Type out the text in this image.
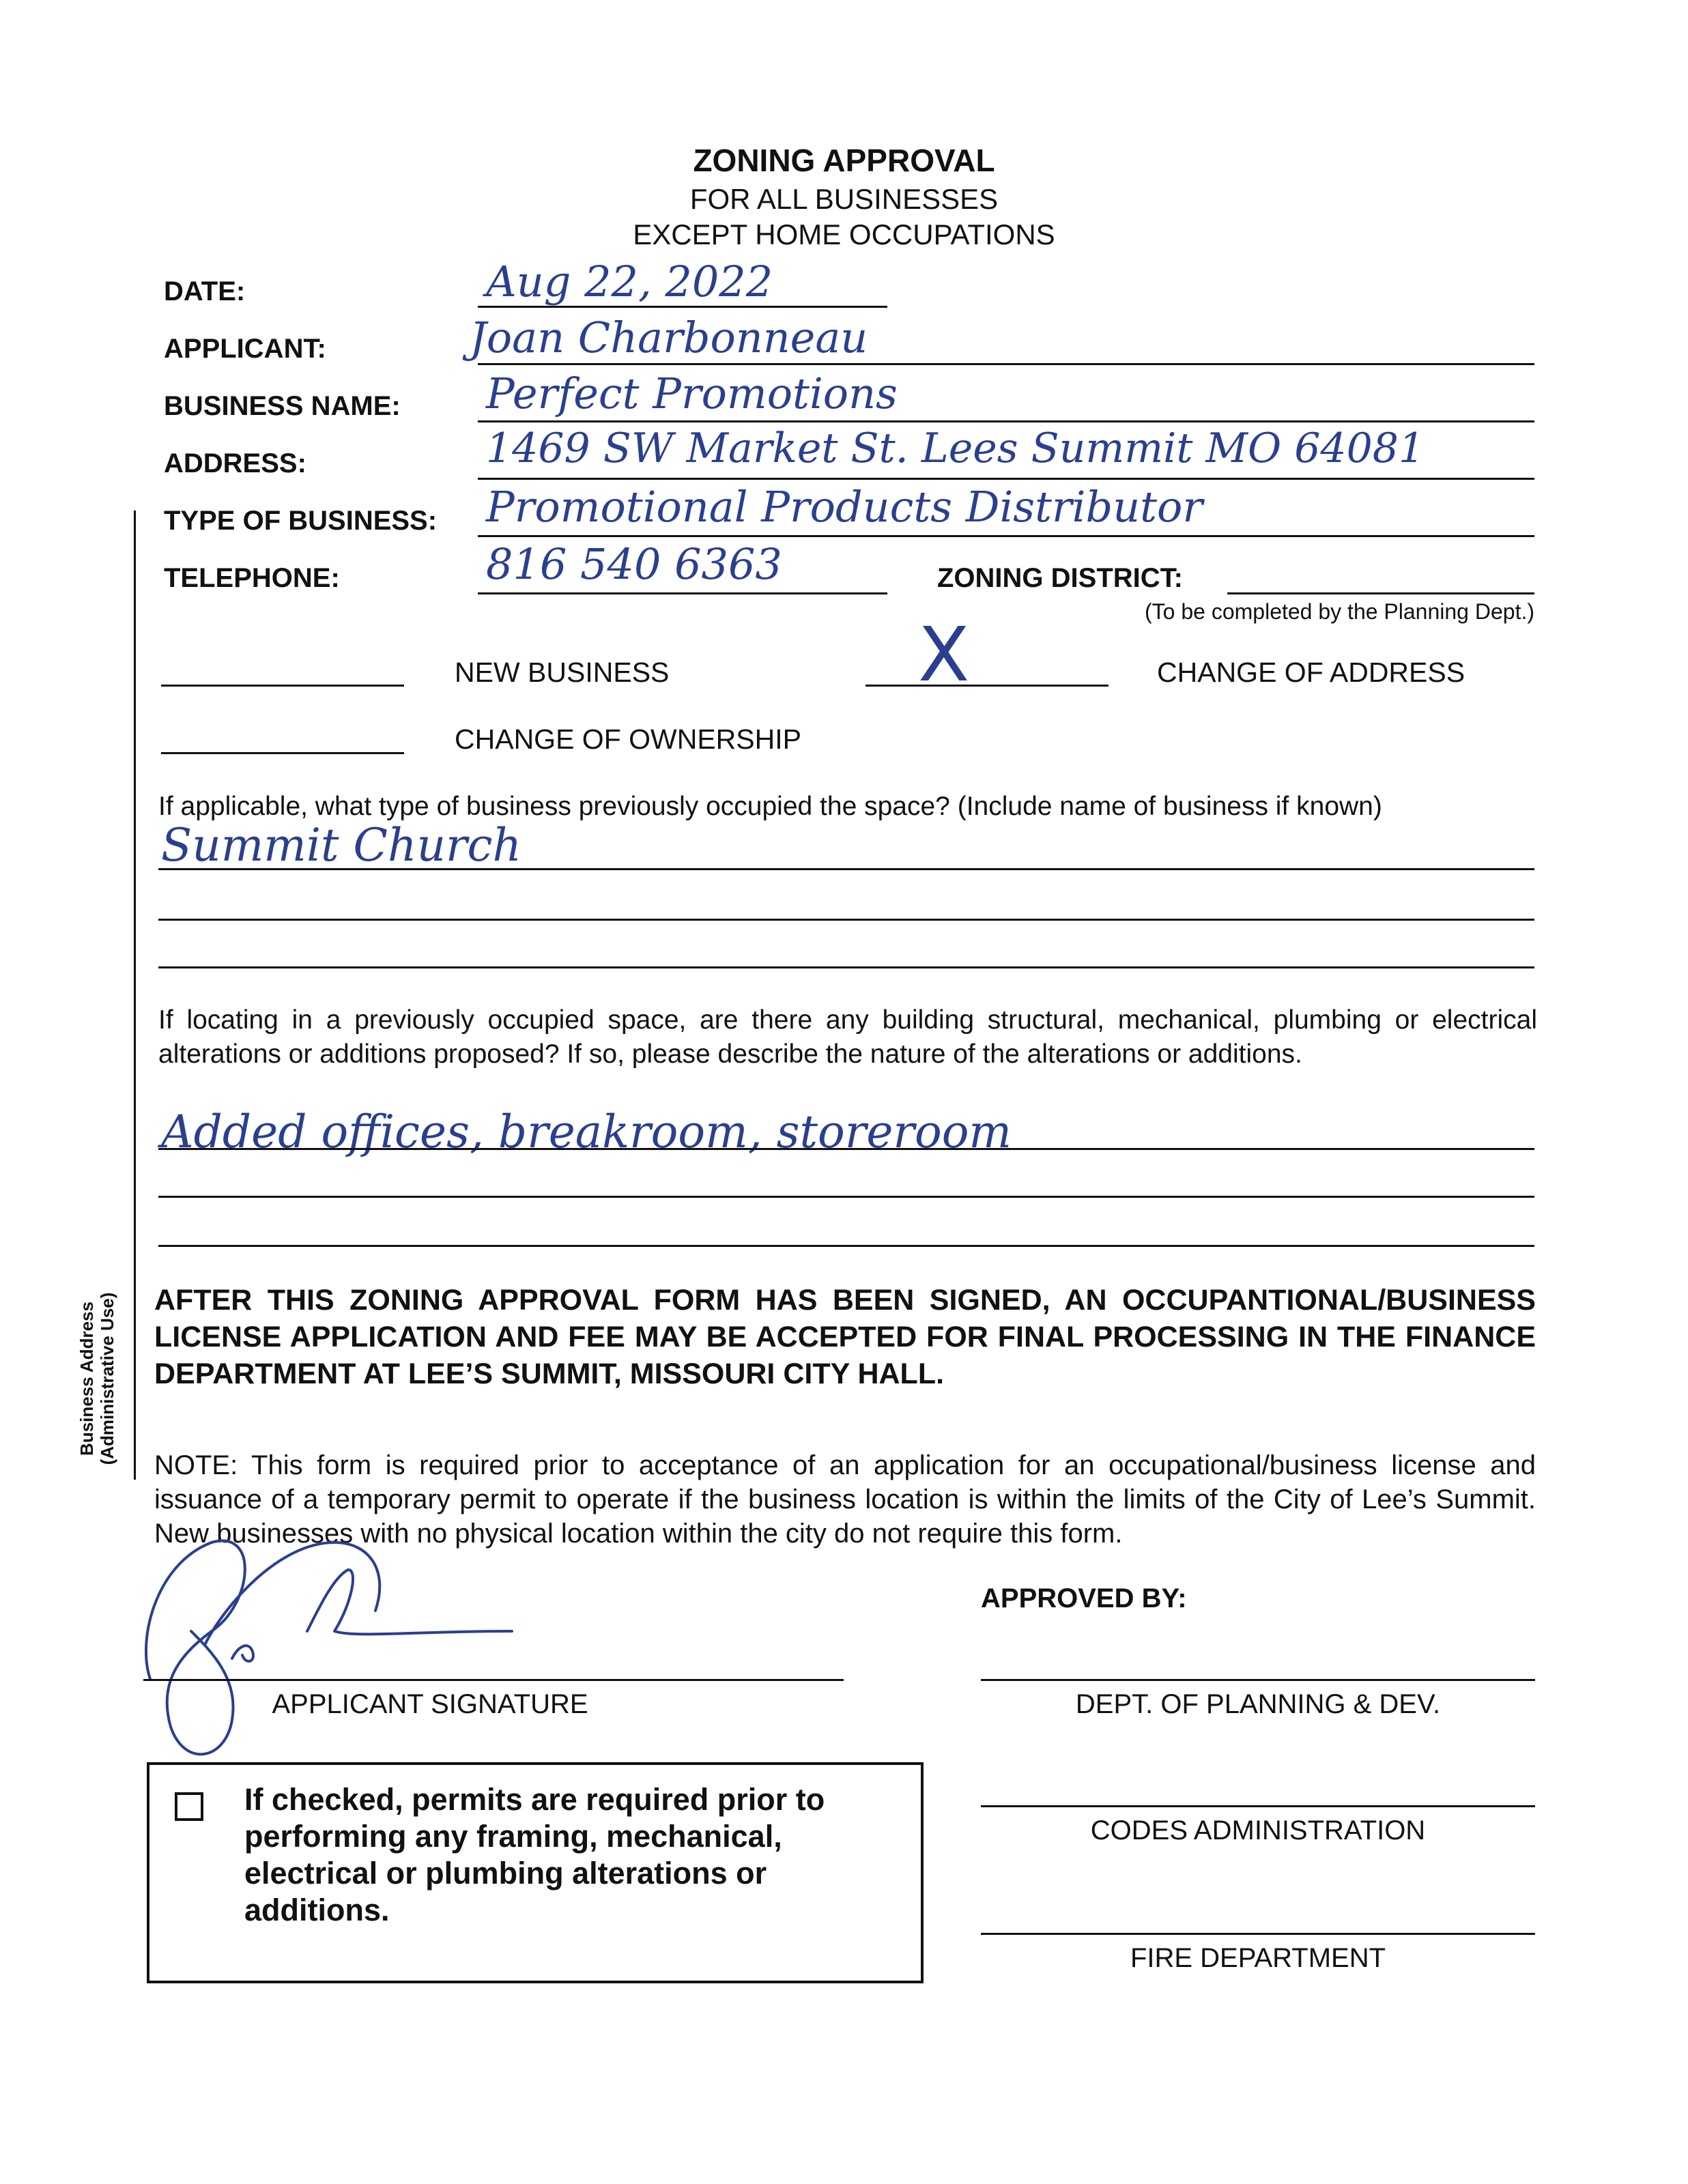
ZONING APPROVAL
FOR ALL BUSINESSES
EXCEPT HOME OCCUPATIONS
Business Address (Administrative Use)
DATE:	Aug 22, 2022
APPLICANT:	Joan Charbonneau
BUSINESS NAME: Perfect Promotions
ADDRESS:	1469 SW Market St. Lees Summit MO 64081
TYPE OF BUSINESS: Promotional Products Distributor
TELEPHONE:	816 540 6363	ZONING DISTRICT:
(To be completed by the Planning Dept.)
NEW BUSINESS	X	CHANGE OF ADDRESS
CHANGE OF OWNERSHIP
If applicable, what type of business previously occupied the space? (Include name of business if known)
Summit Church
If locating in a previously occupied space, are there any building structural, mechanical, plumbing or electrical alterations or additions proposed? If so, please describe the nature of the alterations or additions.
Added offices, breakroom, storeroom
AFTER THIS ZONING APPROVAL FORM HAS BEEN SIGNED, AN OCCUPANTIONAL/BUSINESS LICENSE APPLICATION AND FEE MAY BE ACCEPTED FOR FINAL PROCESSING IN THE FINANCE DEPARTMENT AT LEE’S SUMMIT, MISSOURI CITY HALL.
NOTE: This form is required prior to acceptance of an application for an occupational/business license and issuance of a temporary permit to operate if the business location is within the limits of the City of Lee’s Summit. New businesses with no physical location within the city do not require this form.
APPROVED BY:
APPLICANT SIGNATURE	DEPT. OF PLANNING & DEV.
CODES ADMINISTRATION
FIRE DEPARTMENT
If checked, permits are required prior to performing any framing, mechanical, electrical or plumbing alterations or additions.
